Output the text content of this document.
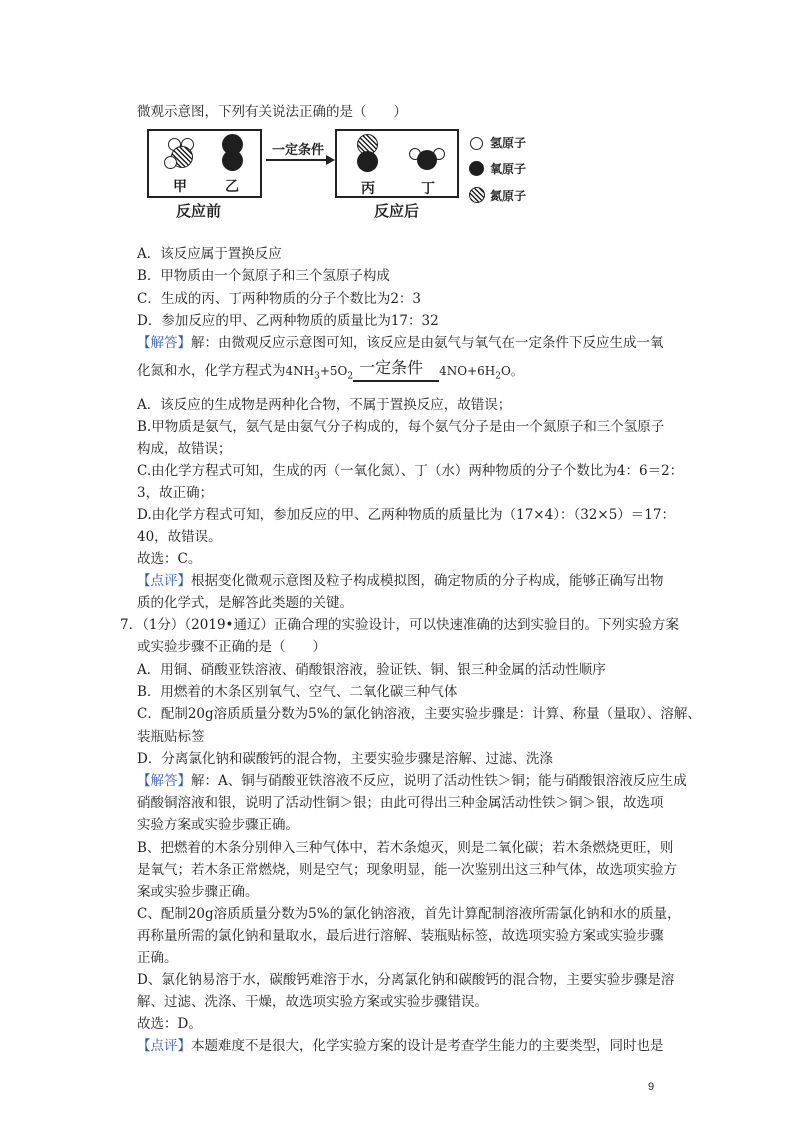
微观示意图，下列有关说法正确的是（　　）
甲	乙
反应前
一定条件
丙	丁
反应后
氢原子
氧原子
氮原子
A．该反应属于置换反应
B．甲物质由一个氮原子和三个氢原子构成
C．生成的丙、丁两种物质的分子个数比为2：3
D．参加反应的甲、乙两种物质的质量比为17：32
【解答】解：由微观反应示意图可知，该反应是由氨气与氧气在一定条件下反应生成一氧
化氮和水，化学方程式为$4NH_3+5O_2$ 一定条件 $4NO+6H_2O$。
A．该反应的生成物是两种化合物，不属于置换反应，故错误；
B.甲物质是氨气，氨气是由氨气分子构成的，每个氨气分子是由一个氮原子和三个氢原子
构成，故错误；
C.由化学方程式可知，生成的丙（一氧化氮）、丁（水）两种物质的分子个数比为4：6＝2：
3，故正确；
D.由化学方程式可知，参加反应的甲、乙两种物质的质量比为（17×4）：（32×5）＝17：
40，故错误。
故选：C。
【点评】根据变化微观示意图及粒子构成模拟图，确定物质的分子构成，能够正确写出物
质的化学式，是解答此类题的关键。
7．（1分）（2019•通辽）正确合理的实验设计，可以快速准确的达到实验目的。下列实验方案
或实验步骤不正确的是（　　）
A．用铜、硝酸亚铁溶液、硝酸银溶液，验证铁、铜、银三种金属的活动性顺序
B．用燃着的木条区别氧气、空气、二氧化碳三种气体
C．配制20g溶质质量分数为5%的氯化钠溶液，主要实验步骤是：计算、称量（量取）、溶解、
装瓶贴标签
D．分离氯化钠和碳酸钙的混合物，主要实验步骤是溶解、过滤、洗涤
【解答】解：A、铜与硝酸亚铁溶液不反应，说明了活动性铁＞铜；能与硝酸银溶液反应生成
硝酸铜溶液和银，说明了活动性铜＞银；由此可得出三种金属活动性铁＞铜＞银，故选项
实验方案或实验步骤正确。
B、把燃着的木条分别伸入三种气体中，若木条熄灭，则是二氧化碳；若木条燃烧更旺，则
是氧气；若木条正常燃烧，则是空气；现象明显，能一次鉴别出这三种气体，故选项实验方
案或实验步骤正确。
C、配制20g溶质质量分数为5%的氯化钠溶液，首先计算配制溶液所需氯化钠和水的质量，
再称量所需的氯化钠和量取水，最后进行溶解、装瓶贴标签，故选项实验方案或实验步骤
正确。
D、氯化钠易溶于水，碳酸钙难溶于水，分离氯化钠和碳酸钙的混合物，主要实验步骤是溶
解、过滤、洗涤、干燥，故选项实验方案或实验步骤错误。
故选：D。
【点评】本题难度不是很大，化学实验方案的设计是考查学生能力的主要类型，同时也是
9
